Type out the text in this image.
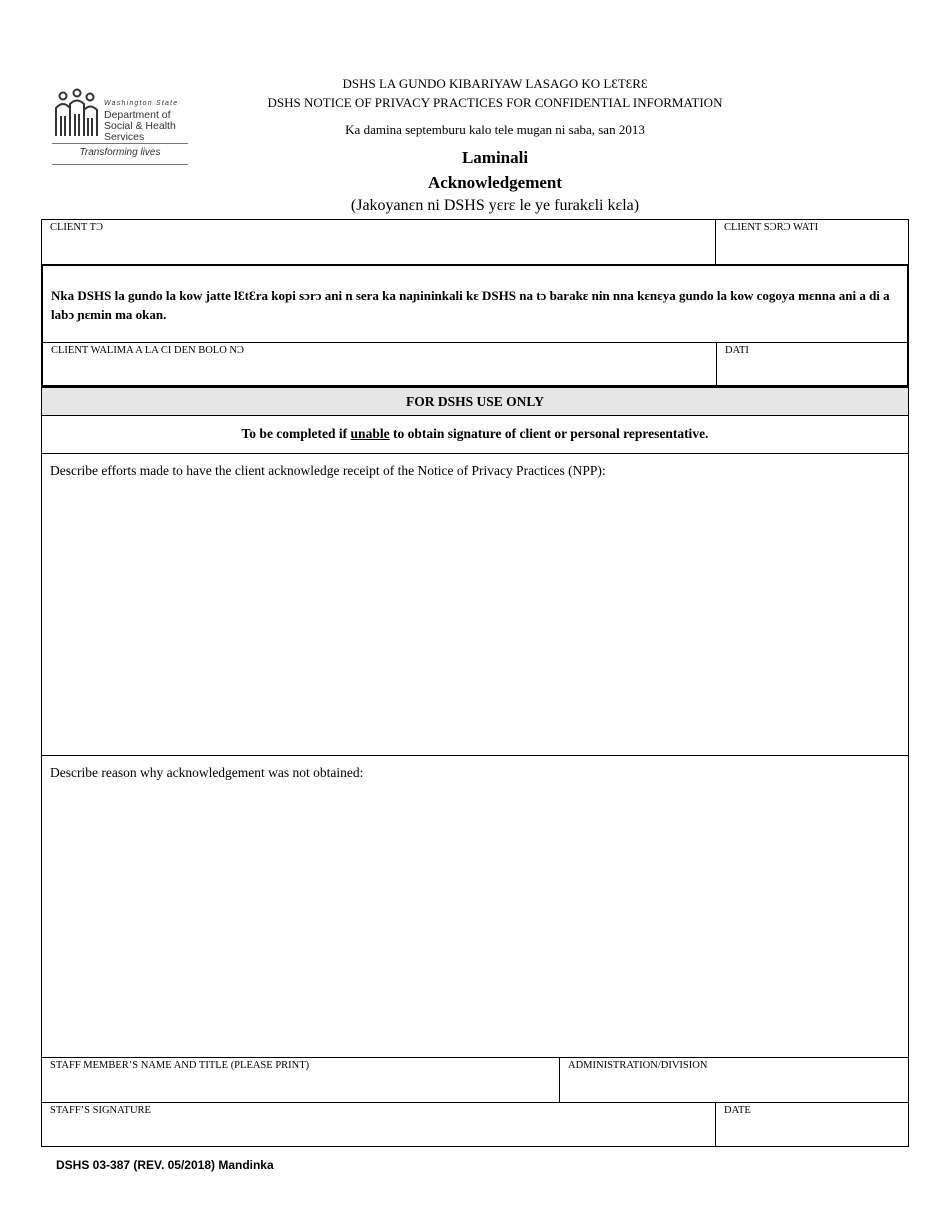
Washington State
Department of Social & Health Services
Transforming lives
DSHS LA GUNDO KIBARIYAW LASAGO KO LƐTƐRƐ
DSHS NOTICE OF PRIVACY PRACTICES FOR CONFIDENTIAL INFORMATION
Ka damina septemburu kalo tele mugan ni saba, san 2013
Laminali
Acknowledgement
(Jakoyanɛn ni DSHS yɛrɛ le ye furakɛli kɛla)
CLIENT TƆ	CLIENT SƆRƆ WATI
Nka DSHS la gundo la kow jatte lƐtƐra kopi sɔrɔ ani n sera ka naɲininkali kɛ DSHS na tɔ barakɛ nin nna kɛnɛya gundo la kow cogoya mɛnna ani a di a labɔ ɲɛmin ma okan.
CLIENT WALIMA A LA CI DEN BOLO NƆ	DATI
FOR DSHS USE ONLY
To be completed if unable to obtain signature of client or personal representative.
Describe efforts made to have the client acknowledge receipt of the Notice of Privacy Practices (NPP):
Describe reason why acknowledgement was not obtained:
STAFF MEMBER’S NAME AND TITLE (PLEASE PRINT)	ADMINISTRATION/DIVISION
STAFF’S SIGNATURE	DATE
DSHS 03-387 (REV. 05/2018) Mandinka
